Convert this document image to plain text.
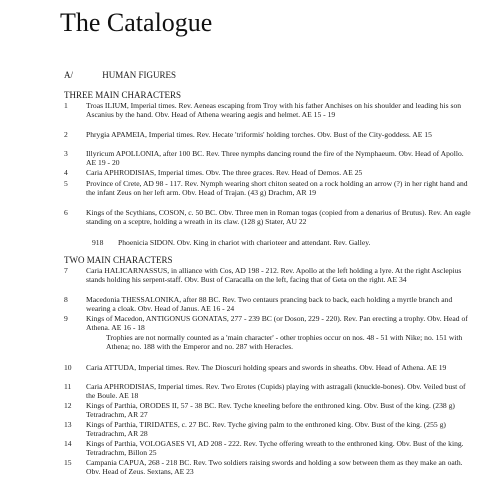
The Catalogue
A/	HUMAN FIGURES
THREE MAIN CHARACTERS
1	Troas ILIUM, Imperial times. Rev. Aeneas escaping from Troy with his father Anchises on his shoulder and leading his son Ascanius by the hand. Obv. Head of Athena wearing aegis and helmet. AE 15 - 19
2	Phrygia APAMEIA, Imperial times. Rev. Hecate 'triformis' holding torches. Obv. Bust of the City-goddess. AE 15
3	Illyricum APOLLONIA, after 100 BC. Rev. Three nymphs dancing round the fire of the Nymphaeum. Obv. Head of Apollo. AE 19 - 20
4	Caria APHRODISIAS, Imperial times. Obv. The three graces. Rev. Head of Demos. AE 25
5	Province of Crete, AD 98 - 117. Rev. Nymph wearing short chiton seated on a rock holding an arrow (?) in her right hand and the infant Zeus on her left arm. Obv. Head of Trajan. (43 g) Drachm, AR 19
6	Kings of the Scythians, COSON, c. 50 BC. Obv. Three men in Roman togas (copied from a denarius of Brutus). Rev. An eagle standing on a sceptre, holding a wreath in its claw. (128 g) Stater, AU 22
918 Phoenicia SIDON. Obv. King in chariot with charioteer and attendant. Rev. Galley.
TWO MAIN CHARACTERS
7	Caria HALICARNASSUS, in alliance with Cos, AD 198 - 212. Rev. Apollo at the left holding a lyre. At the right Asclepius stands holding his serpent-staff. Obv. Bust of Caracalla on the left, facing that of Geta on the right. AE 34
8	Macedonia THESSALONIKA, after 88 BC. Rev. Two centaurs prancing back to back, each holding a myrtle branch and wearing a cloak. Obv. Head of Janus. AE 16 - 24
9	Kings of Macedon, ANTIGONUS GONATAS, 277 - 239 BC (or Doson, 229 - 220). Rev. Pan erecting a trophy. Obv. Head of Athena. AE 16 - 18
Trophies are not normally counted as a 'main character' - other trophies occur on nos. 48 - 51 with Nike; no. 151 with Athena; no. 188 with the Emperor and no. 287 with Heracles.
10	Caria ATTUDA, Imperial times. Rev. The Dioscuri holding spears and swords in sheaths. Obv. Head of Athena. AE 19
11	Caria APHRODISIAS, Imperial times. Rev. Two Erotes (Cupids) playing with astragali (knuckle-bones). Obv. Veiled bust of the Boule. AE 18
12	Kings of Parthia, ORODES II, 57 - 38 BC. Rev. Tyche kneeling before the enthroned king. Obv. Bust of the king. (238 g) Tetradrachm, AR 27
13	Kings of Parthia, TIRIDATES, c. 27 BC. Rev. Tyche giving palm to the enthroned king. Obv. Bust of the king. (255 g) Tetradrachm, AR 28
14	Kings of Parthia, VOLOGASES VI, AD 208 - 222. Rev. Tyche offering wreath to the enthroned king. Obv. Bust of the king. Tetradrachm, Billon 25
15	Campania CAPUA, 268 - 218 BC. Rev. Two soldiers raising swords and holding a sow between them as they make an oath. Obv. Head of Zeus. Sextans, AE 23
